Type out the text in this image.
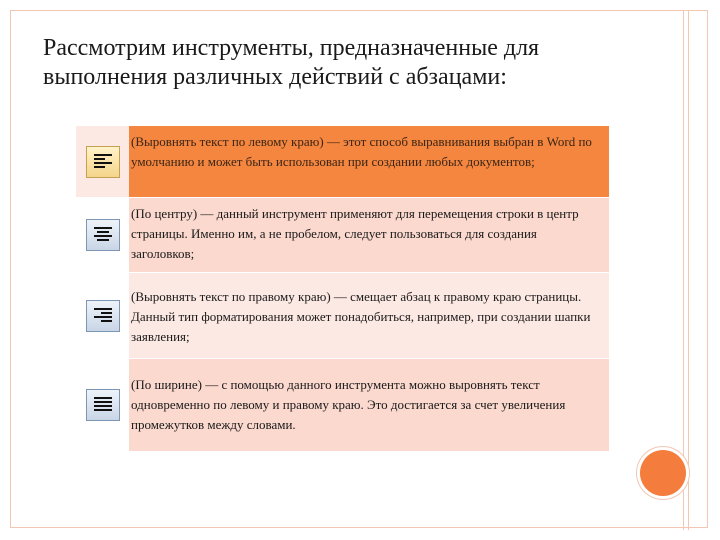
Рассмотрим инструменты, предназначенные для выполнения различных действий с абзацами:
(Выровнять текст по левому краю) — этот способ выравнивания выбран в Word по умолчанию и может быть использован при создании любых документов;
(По центру) — данный инструмент применяют для перемещения строки в центр страницы. Именно им, а не пробелом, следует пользоваться для создания заголовков;
(Выровнять текст по правому краю) — смещает абзац к правому краю страницы. Данный тип форматирования может понадобиться, например, при создании шапки заявления;
(По ширине) — с помощью данного инструмента можно выровнять текст одновременно по левому и правому краю. Это достигается за счет увеличения промежутков между словами.
